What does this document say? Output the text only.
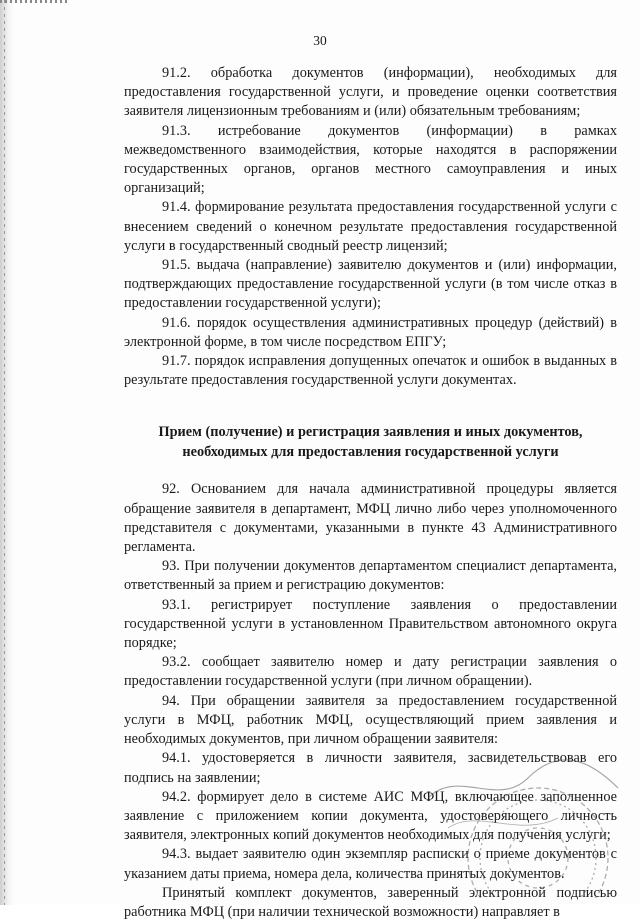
30

91.2. обработка документов (информации), необходимых для предоставления государственной услуги, и проведение оценки соответствия заявителя лицензионным требованиям и (или) обязательным требованиям;

91.3. истребование документов (информации) в рамках межведомственного взаимодействия, которые находятся в распоряжении государственных органов, органов местного самоуправления и иных организаций;

91.4. формирование результата предоставления государственной услуги с внесением сведений о конечном результате предоставления государственной услуги в государственный сводный реестр лицензий;

91.5. выдача (направление) заявителю документов и (или) информации, подтверждающих предоставление государственной услуги (в том числе отказ в предоставлении государственной услуги);

91.6. порядок осуществления административных процедур (действий) в электронной форме, в том числе посредством ЕПГУ;

91.7. порядок исправления допущенных опечаток и ошибок в выданных в результате предоставления государственной услуги документах.

Прием (получение) и регистрация заявления и иных документов, необходимых для предоставления государственной услуги

92. Основанием для начала административной процедуры является обращение заявителя в департамент, МФЦ лично либо через уполномоченного представителя с документами, указанными в пункте 43 Административного регламента.

93. При получении документов департаментом специалист департамента, ответственный за прием и регистрацию документов:

93.1. регистрирует поступление заявления о предоставлении государственной услуги в установленном Правительством автономного округа порядке;

93.2. сообщает заявителю номер и дату регистрации заявления о предоставлении государственной услуги (при личном обращении).

94. При обращении заявителя за предоставлением государственной услуги в МФЦ, работник МФЦ, осуществляющий прием заявления и необходимых документов, при личном обращении заявителя:

94.1. удостоверяется в личности заявителя, засвидетельствовав его подпись на заявлении;

94.2. формирует дело в системе АИС МФЦ, включающее заполненное заявление с приложением копии документа, удостоверяющего личность заявителя, электронных копий документов необходимых для получения услуги;

94.3. выдает заявителю один экземпляр расписки о приеме документов с указанием даты приема, номера дела, количества принятых документов.

Принятый комплект документов, заверенный электронной подписью работника МФЦ (при наличии технической возможности) направляет в
